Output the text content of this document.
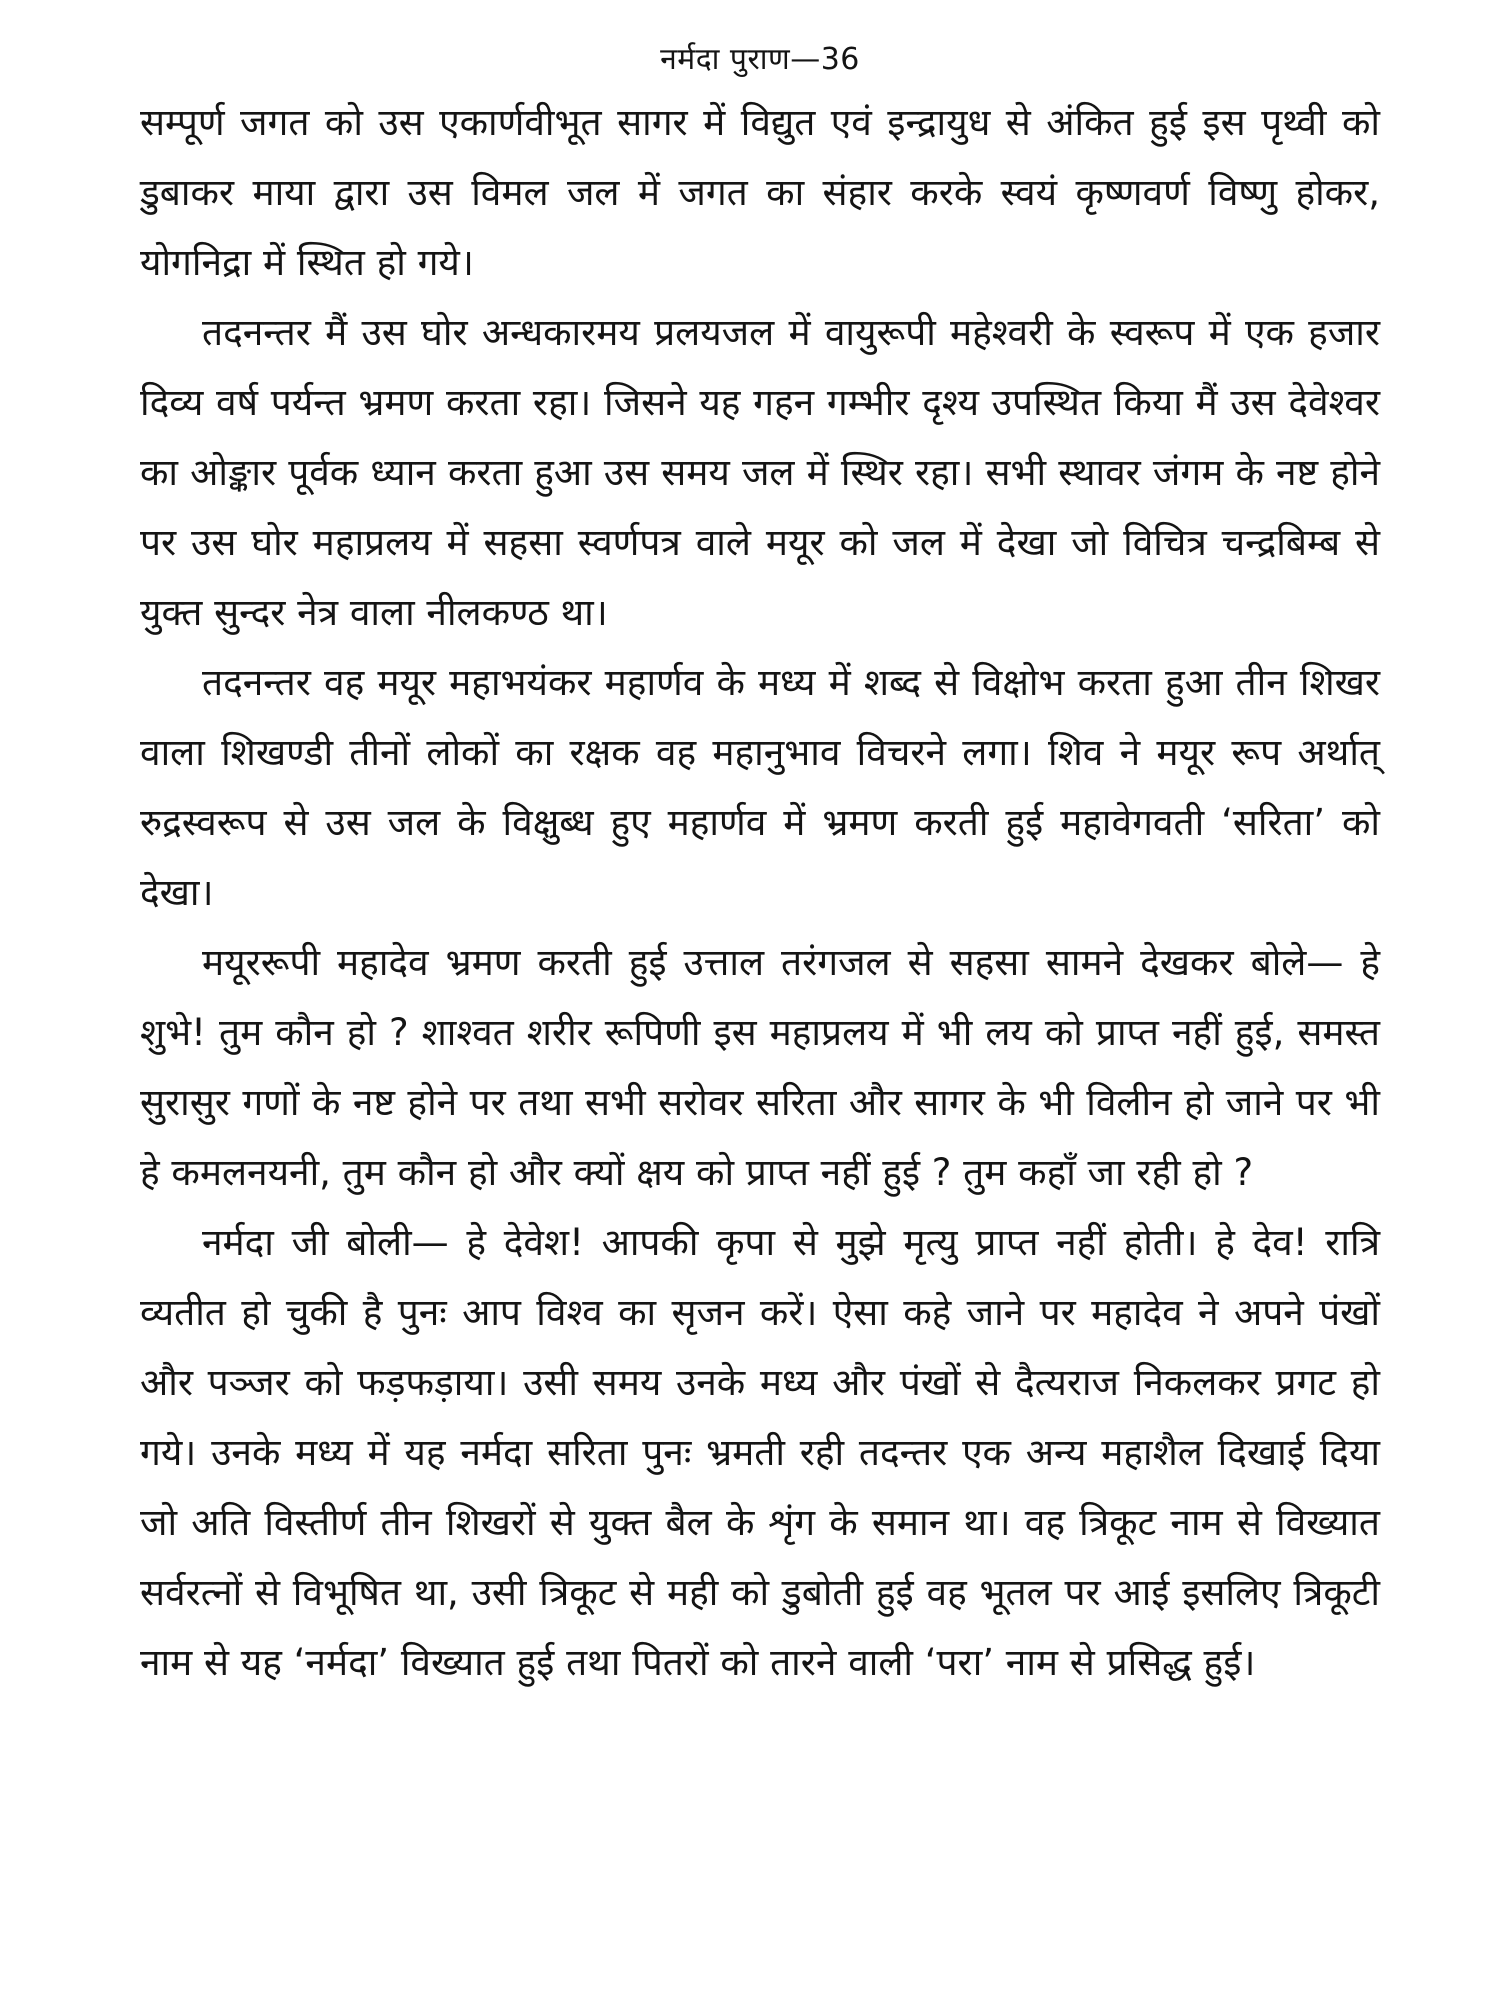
नर्मदा पुराण—36

सम्पूर्ण जगत को उस एकार्णवीभूत सागर में विद्युत एवं इन्द्रायुध से अंकित हुई इस पृथ्वी को डुबाकर माया द्वारा उस विमल जल में जगत का संहार करके स्वयं कृष्णवर्ण विष्णु होकर, योगनिद्रा में स्थित हो गये।

तदनन्तर मैं उस घोर अन्धकारमय प्रलयजल में वायुरूपी महेश्वरी के स्वरूप में एक हजार दिव्य वर्ष पर्यन्त भ्रमण करता रहा। जिसने यह गहन गम्भीर दृश्य उपस्थित किया मैं उस देवेश्वर का ओङ्कार पूर्वक ध्यान करता हुआ उस समय जल में स्थिर रहा। सभी स्थावर जंगम के नष्ट होने पर उस घोर महाप्रलय में सहसा स्वर्णपत्र वाले मयूर को जल में देखा जो विचित्र चन्द्रबिम्ब से युक्त सुन्दर नेत्र वाला नीलकण्ठ था।

तदनन्तर वह मयूर महाभयंकर महार्णव के मध्य में शब्द से विक्षोभ करता हुआ तीन शिखर वाला शिखण्डी तीनों लोकों का रक्षक वह महानुभाव विचरने लगा। शिव ने मयूर रूप अर्थात् रुद्रस्वरूप से उस जल के विक्षुब्ध हुए महार्णव में भ्रमण करती हुई महावेगवती ‘सरिता’ को देखा।

मयूररूपी महादेव भ्रमण करती हुई उत्ताल तरंगजल से सहसा सामने देखकर बोले— हे शुभे! तुम कौन हो ? शाश्वत शरीर रूपिणी इस महाप्रलय में भी लय को प्राप्त नहीं हुई, समस्त सुरासुर गणों के नष्ट होने पर तथा सभी सरोवर सरिता और सागर के भी विलीन हो जाने पर भी हे कमलनयनी, तुम कौन हो और क्यों क्षय को प्राप्त नहीं हुई ? तुम कहाँ जा रही हो ?

नर्मदा जी बोली— हे देवेश! आपकी कृपा से मुझे मृत्यु प्राप्त नहीं होती। हे देव! रात्रि व्यतीत हो चुकी है पुनः आप विश्व का सृजन करें। ऐसा कहे जाने पर महादेव ने अपने पंखों और पञ्जर को फड़फड़ाया। उसी समय उनके मध्य और पंखों से दैत्यराज निकलकर प्रगट हो गये। उनके मध्य में यह नर्मदा सरिता पुनः भ्रमती रही तदन्तर एक अन्य महाशैल दिखाई दिया जो अति विस्तीर्ण तीन शिखरों से युक्त बैल के शृंग के समान था। वह त्रिकूट नाम से विख्यात सर्वरत्नों से विभूषित था, उसी त्रिकूट से मही को डुबोती हुई वह भूतल पर आई इसलिए त्रिकूटी नाम से यह ‘नर्मदा’ विख्यात हुई तथा पितरों को तारने वाली ‘परा’ नाम से प्रसिद्ध हुई।
